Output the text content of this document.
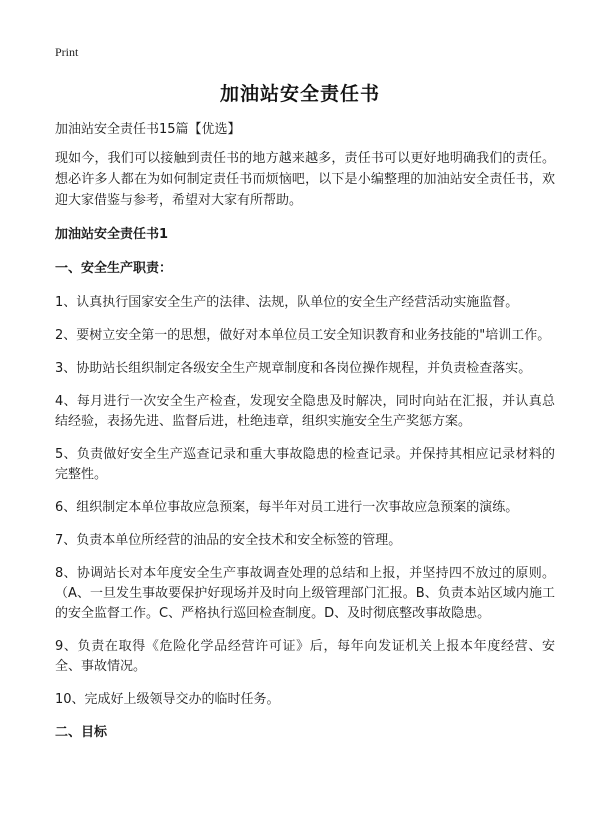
Print
加油站安全责任书

加油站安全责任书15篇【优选】

现如今，我们可以接触到责任书的地方越来越多，责任书可以更好地明确我们的责任。想必许多人都在为如何制定责任书而烦恼吧，以下是小编整理的加油站安全责任书，欢迎大家借鉴与参考，希望对大家有所帮助。

加油站安全责任书1

一、安全生产职责：

1、认真执行国家安全生产的法律、法规，队单位的安全生产经营活动实施监督。

2、要树立安全第一的思想，做好对本单位员工安全知识教育和业务技能的"培训工作。

3、协助站长组织制定各级安全生产规章制度和各岗位操作规程，并负责检查落实。

4、每月进行一次安全生产检查，发现安全隐患及时解决，同时向站在汇报，并认真总结经验，表扬先进、监督后进，杜绝违章，组织实施安全生产奖惩方案。

5、负责做好安全生产巡查记录和重大事故隐患的检查记录。并保持其相应记录材料的完整性。

6、组织制定本单位事故应急预案，每半年对员工进行一次事故应急预案的演练。

7、负责本单位所经营的油品的安全技术和安全标签的管理。

8、协调站长对本年度安全生产事故调查处理的总结和上报，并坚持四不放过的原则。（A、一旦发生事故要保护好现场并及时向上级管理部门汇报。B、负责本站区域内施工的安全监督工作。C、严格执行巡回检查制度。D、及时彻底整改事故隐患。

9、负责在取得《危险化学品经营许可证》后，每年向发证机关上报本年度经营、安全、事故情况。

10、完成好上级领导交办的临时任务。

二、目标
